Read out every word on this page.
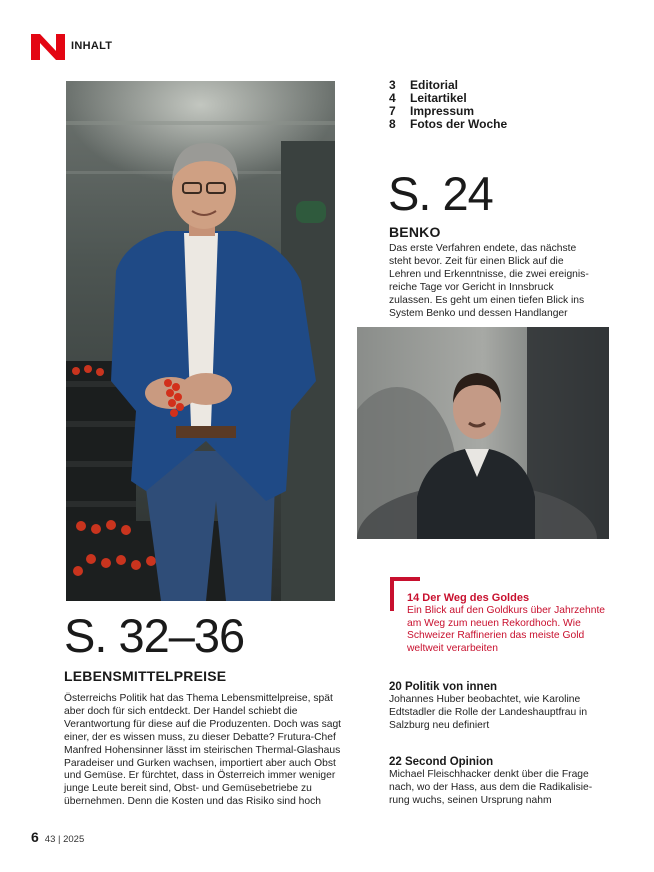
INHALT
3	Editorial
4	Leitartikel
7	Impressum
8	Fotos der Woche
S. 24
BENKO
Das erste Verfahren endete, das nächste steht bevor. Zeit für einen Blick auf die Lehren und Erkenntnisse, die zwei ereignis-reiche Tage vor Gericht in Innsbruck zulassen. Es geht um einen tiefen Blick ins System Benko und dessen Handlanger
14 Der Weg des Goldes
Ein Blick auf den Goldkurs über Jahrzehnte am Weg zum neuen Rekordhoch. Wie Schweizer Raffinerien das meiste Gold weltweit verarbeiten
20 Politik von innen
Johannes Huber beobachtet, wie Karoline Edtstadler die Rolle der Landeshauptfrau in Salzburg neu definiert
22 Second Opinion
Michael Fleischhacker denkt über die Frage nach, wo der Hass, aus dem die Radikalisie-rung wuchs, seinen Ursprung nahm
S. 32–36
LEBENSMITTELPREISE
Österreichs Politik hat das Thema Lebensmittelpreise, spät aber doch für sich entdeckt. Der Handel schiebt die Verantwortung für diese auf die Produzenten. Doch was sagt einer, der es wissen muss, zu dieser Debatte? Frutura-Chef Manfred Hohensinner lässt im steirischen Thermal-Glashaus Paradeiser und Gurken wachsen, importiert aber auch Obst und Gemüse. Er fürchtet, dass in Österreich immer weniger junge Leute bereit sind, Obst- und Gemüsebetriebe zu übernehmen. Denn die Kosten und das Risiko sind hoch
6 43 | 2025
